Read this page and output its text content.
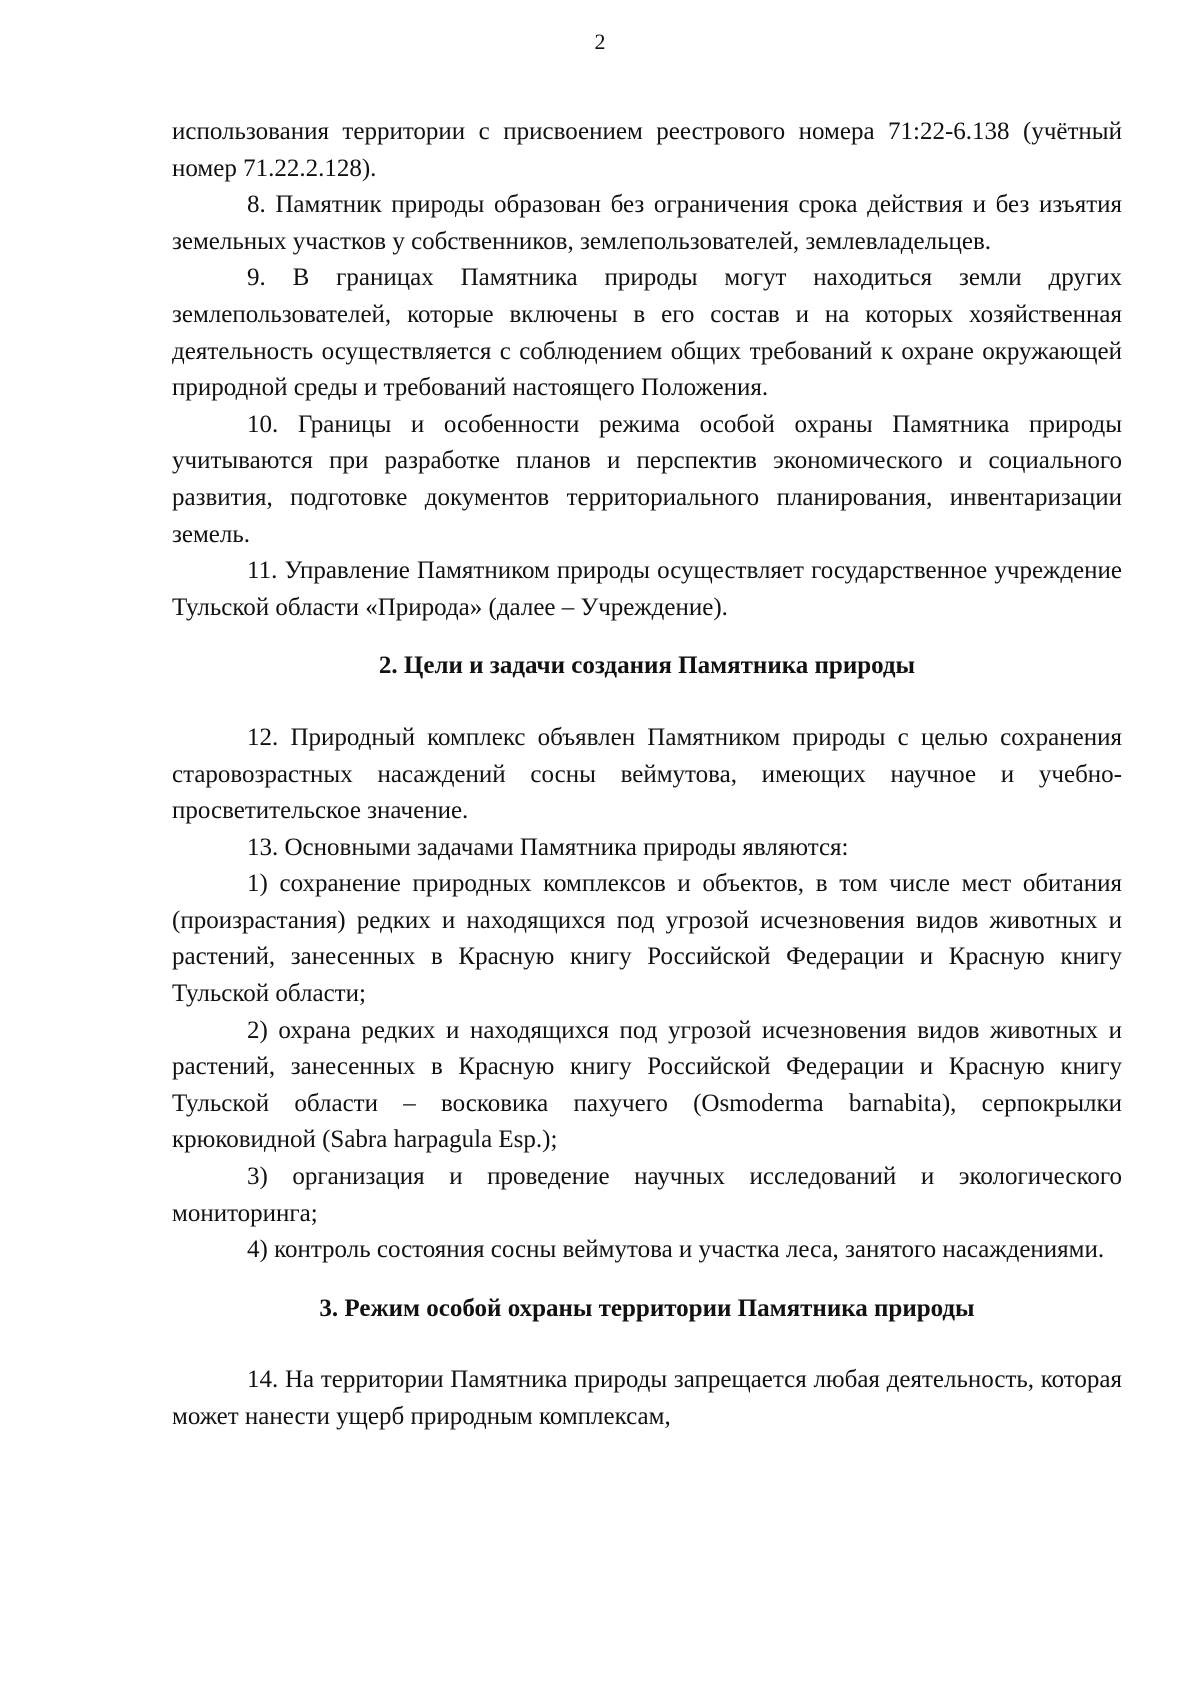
2

использования территории с присвоением реестрового номера 71:22-6.138 (учётный номер 71.22.2.128).

8. Памятник природы образован без ограничения срока действия и без изъятия земельных участков у собственников, землепользователей, землевладельцев.

9. В границах Памятника природы могут находиться земли других землепользователей, которые включены в его состав и на которых хозяйственная деятельность осуществляется с соблюдением общих требований к охране окружающей природной среды и требований настоящего Положения.

10. Границы и особенности режима особой охраны Памятника природы учитываются при разработке планов и перспектив экономического и социального развития, подготовке документов территориального планирования, инвентаризации земель.

11. Управление Памятником природы осуществляет государственное учреждение Тульской области «Природа» (далее – Учреждение).

2. Цели и задачи создания Памятника природы

12. Природный комплекс объявлен Памятником природы с целью сохранения старовозрастных насаждений сосны веймутова, имеющих научное и учебно-просветительское значение.

13. Основными задачами Памятника природы являются:

1) сохранение природных комплексов и объектов, в том числе мест обитания (произрастания) редких и находящихся под угрозой исчезновения видов животных и растений, занесенных в Красную книгу Российской Федерации и Красную книгу Тульской области;

2) охрана редких и находящихся под угрозой исчезновения видов животных и растений, занесенных в Красную книгу Российской Федерации и Красную книгу Тульской области – восковика пахучего (Osmoderma barnabita), серпокрылки крюковидной (Sabra harpagula Esp.);

3) организация и проведение научных исследований и экологического мониторинга;

4) контроль состояния сосны веймутова и участка леса, занятого насаждениями.

3. Режим особой охраны территории Памятника природы

14. На территории Памятника природы запрещается любая деятельность, которая может нанести ущерб природным комплексам,
